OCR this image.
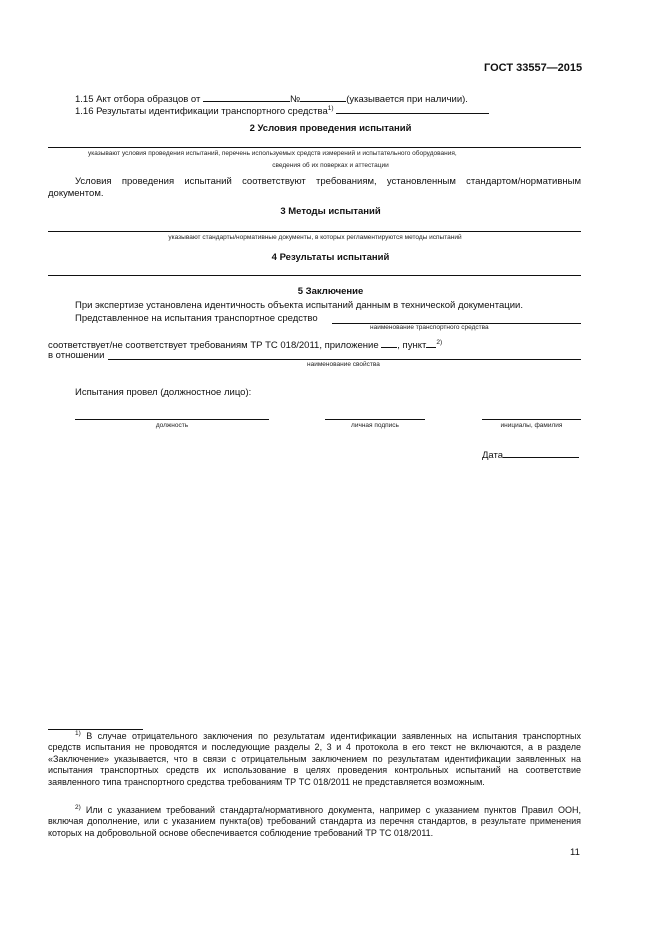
ГОСТ 33557—2015
1.15 Акт отбора образцов от	№	(указывается при наличии).
1.16 Результаты идентификации транспортного средства$^{1)}$
2 Условия проведения испытаний
указывают условия проведения испытаний, перечень используемых средств измерений и испытательного оборудования,
сведения об их поверках и аттестации
Условия проведения испытаний соответствуют требованиям, установленным стандартом/нормативным документом.
3 Методы испытаний
указывают стандарты/нормативные документы, в которых регламентируются методы испытаний
4 Результаты испытаний
5 Заключение
При экспертизе установлена идентичность объекта испытаний данным в технической документации.
Представленное на испытания транспортное средство
наименование транспортного средства
соответствует/не соответствует требованиям ТР ТС 018/2011, приложение , пункт $^{2)}$
в отношении
наименование свойства
Испытания провел (должностное лицо):
должность	личная подпись	инициалы, фамилия
Дата
$^{1)}$ В случае отрицательного заключения по результатам идентификации заявленных на испытания транспортных средств испытания не проводятся и последующие разделы 2, 3 и 4 протокола в его текст не включаются, а в разделе «Заключение» указывается, что в связи с отрицательным заключением по результатам идентификации заявленных на испытания транспортных средств их использование в целях проведения контрольных испытаний на соответствие заявленного типа транспортного средства требованиям ТР ТС 018/2011 не представляется возможным.
$^{2)}$ Или с указанием требований стандарта/нормативного документа, например с указанием пунктов Правил ООН, включая дополнение, или с указанием пункта(ов) требований стандарта из перечня стандартов, в результате применения которых на добровольной основе обеспечивается соблюдение требований ТР ТС 018/2011.
11
